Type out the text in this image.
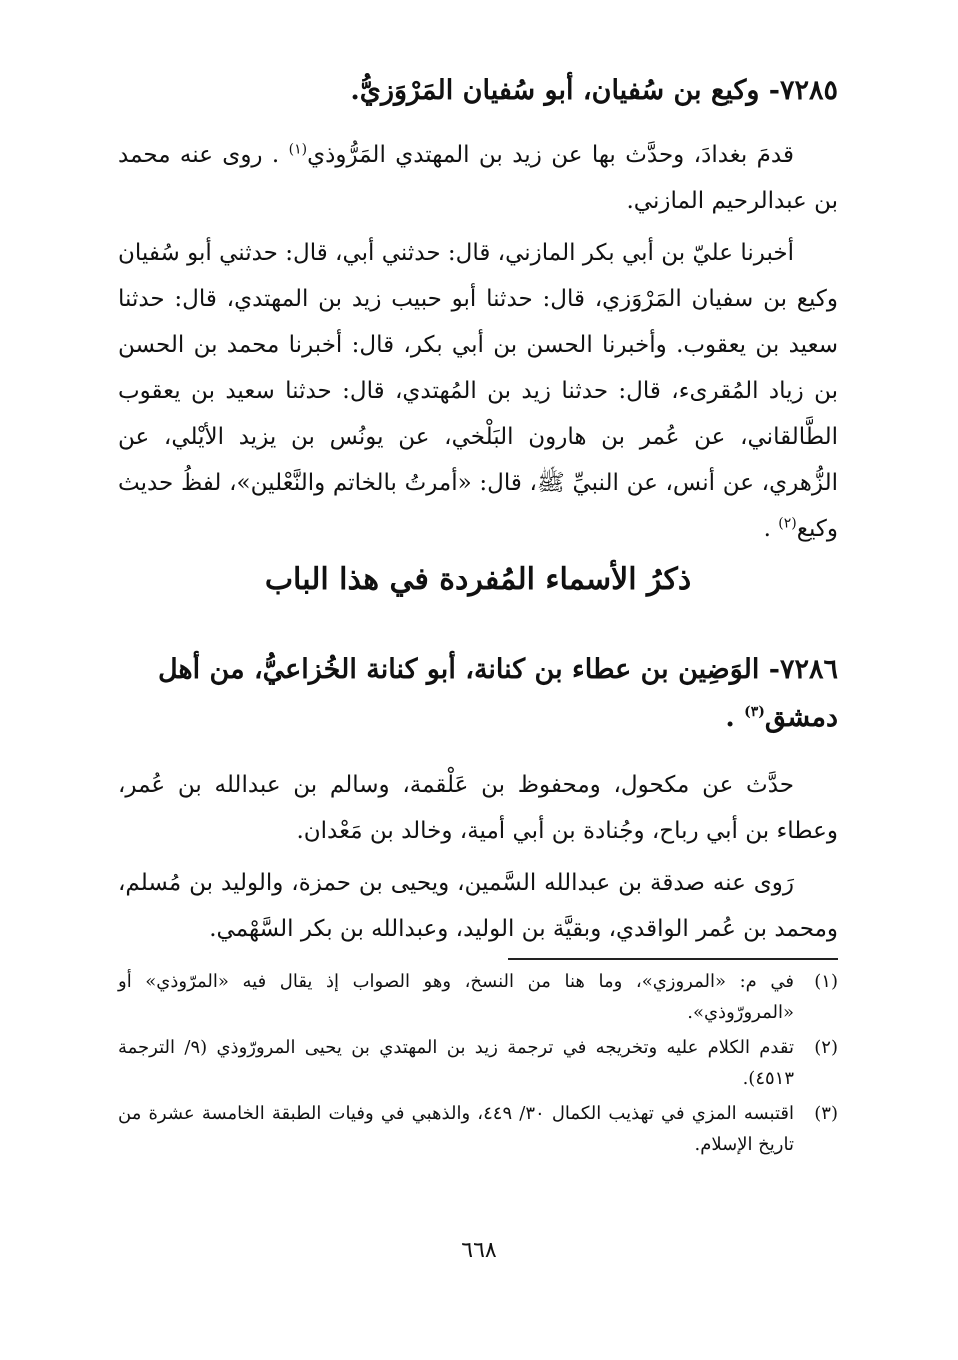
٧٢٨٥- وكيع بن سُفيان، أبو سُفيان المَرْوَزيُّ.

قدمَ بغدادَ، وحدَّث بها عن زيد بن المهتدي المَرُّوذي$^{(١)}$ . روى عنه محمد بن عبدالرحيم المازني.

أخبرنا عليّ بن أبي بكر المازني، قال: حدثني أبي، قال: حدثني أبو سُفيان وكيع بن سفيان المَرْوَزي، قال: حدثنا أبو حبيب زيد بن المهتدي، قال: حدثنا سعيد بن يعقوب. وأخبرنا الحسن بن أبي بكر، قال: أخبرنا محمد بن الحسن بن زياد المُقرىء، قال: حدثنا زيد بن المُهتدي، قال: حدثنا سعيد بن يعقوب الطَّالقاني، عن عُمر بن هارون البَلْخي، عن يونُس بن يزيد الأيْلي، عن الزُّهري، عن أنس، عن النبيِّ ﷺ، قال: «أمرتُ بالخاتم والنَّعْلين»، لفظُ حديث وكيع$^{(٢)}$ .

ذكرُ الأسماء المُفردة في هذا الباب

٧٢٨٦- الوَضِين بن عطاء بن كنانة، أبو كنانة الخُزاعيُّ، من أهل دمشق$^{(٣)}$ .

حدَّث عن مكحول، ومحفوظ بن عَلْقمة، وسالم بن عبدالله بن عُمر، وعطاء بن أبي رباح، وجُنادة بن أبي أمية، وخالد بن مَعْدان.

رَوى عنه صدقة بن عبدالله السَّمين، ويحيى بن حمزة، والوليد بن مُسلم، ومحمد بن عُمر الواقدي، وبقيَّة بن الوليد، وعبدالله بن بكر السَّهْمي.

(١)
في م: «المروزي»، وما هنا من النسخ، وهو الصواب إذ يقال فيه «المرّوذي» أو «المرورّوذي».
(٢)
تقدم الكلام عليه وتخريجه في ترجمة زيد بن المهتدي بن يحيى المرورّوذي (٩/ الترجمة ٤٥١٣).
(٣)
اقتبسه المزي في تهذيب الكمال ٣٠/ ٤٤٩، والذهبي في وفيات الطبقة الخامسة عشرة من تاريخ الإسلام.
٦٦٨
